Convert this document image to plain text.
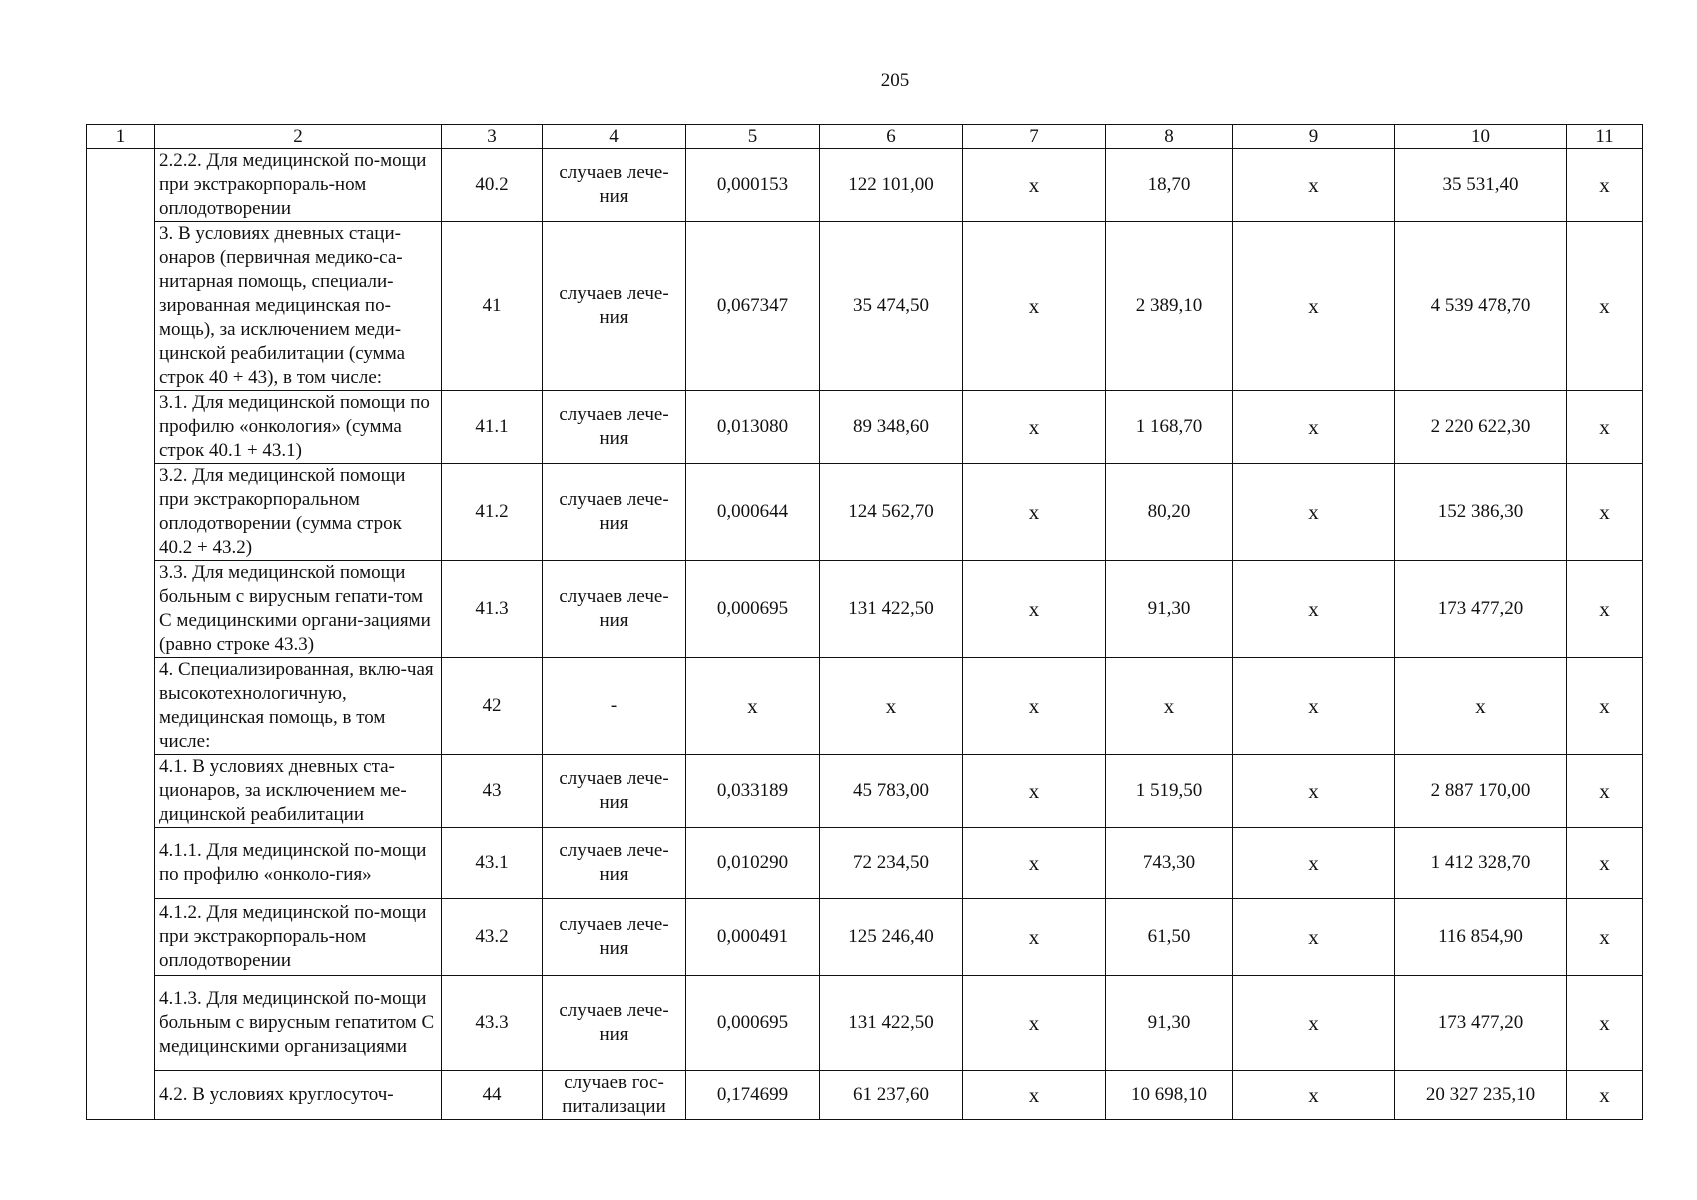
205
1	2	3	4	5	6	7	8	9	10	11
	2.2.2. Для медицинской по-мощи при экстракорпораль-ном оплодотворении	40.2	случаев лече-ния	0,000153	122 101,00	х	18,70	х	35 531,40	х
	3. В условиях дневных стаци-онаров (первичная медико-са-нитарная помощь, специали-зированная медицинская по-мощь), за исключением меди-цинской реабилитации (сумма строк 40 + 43), в том числе:	41	случаев лече-ния	0,067347	35 474,50	х	2 389,10	х	4 539 478,70	х
	3.1. Для медицинской помощи по профилю «онкология» (сумма строк 40.1 + 43.1)	41.1	случаев лече-ния	0,013080	89 348,60	х	1 168,70	х	2 220 622,30	х
	3.2. Для медицинской помощи при экстракорпоральном оплодотворении (сумма строк 40.2 + 43.2)	41.2	случаев лече-ния	0,000644	124 562,70	х	80,20	х	152 386,30	х
	3.3. Для медицинской помощи больным с вирусным гепати-том С медицинскими органи-зациями (равно строке 43.3)	41.3	случаев лече-ния	0,000695	131 422,50	х	91,30	х	173 477,20	х
	4. Специализированная, вклю-чая высокотехнологичную, медицинская помощь, в том числе:	42	-	х	х	х	х	х	х	х
	4.1. В условиях дневных ста-ционаров, за исключением ме-дицинской реабилитации	43	случаев лече-ния	0,033189	45 783,00	х	1 519,50	х	2 887 170,00	х
	4.1.1. Для медицинской по-мощи по профилю «онколо-гия»	43.1	случаев лече-ния	0,010290	72 234,50	х	743,30	х	1 412 328,70	х
	4.1.2. Для медицинской по-мощи при экстракорпораль-ном оплодотворении	43.2	случаев лече-ния	0,000491	125 246,40	х	61,50	х	116 854,90	х
	4.1.3. Для медицинской по-мощи больным с вирусным гепатитом С медицинскими организациями	43.3	случаев лече-ния	0,000695	131 422,50	х	91,30	х	173 477,20	х
	4.2. В условиях круглосуточ-	44	случаев гос-питализации	0,174699	61 237,60	х	10 698,10	х	20 327 235,10	х
